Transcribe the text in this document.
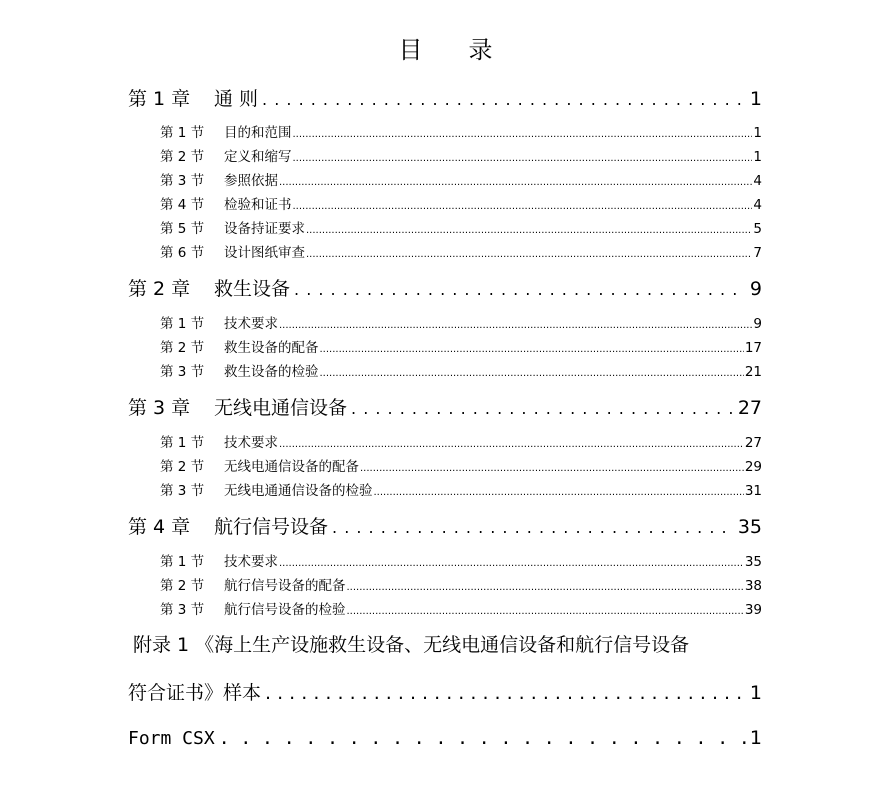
目 录
第 1 章 通 则 . . .	1
第 1 节 目的和范围 .....	1
第 2 节 定义和缩写 .....	1
第 3 节 参照依据 .....	4
第 4 节 检验和证书 .....	4
第 5 节 设备持证要求 .....	5
第 6 节 设计图纸审查 .....	7
第 2 章 救生设备 . . .	9
第 1 节 技术要求 .....	9
第 2 节 救生设备的配备 .....	17
第 3 节 救生设备的检验 .....	21
第 3 章 无线电通信设备 . . .	27
第 1 节 技术要求 .....	27
第 2 节 无线电通信设备的配备 .....	29
第 3 节 无线电通通信设备的检验 .....	31
第 4 章 航行信号设备 . . .	35
第 1 节 技术要求 .....	35
第 2 节 航行信号设备的配备 .....	38
第 3 节 航行信号设备的检验 .....	39
附录 1 《海上生产设施救生设备、无线电通信设备和航行信号设备
符合证书》样本 . . .	1
Form CSX . . .	1
